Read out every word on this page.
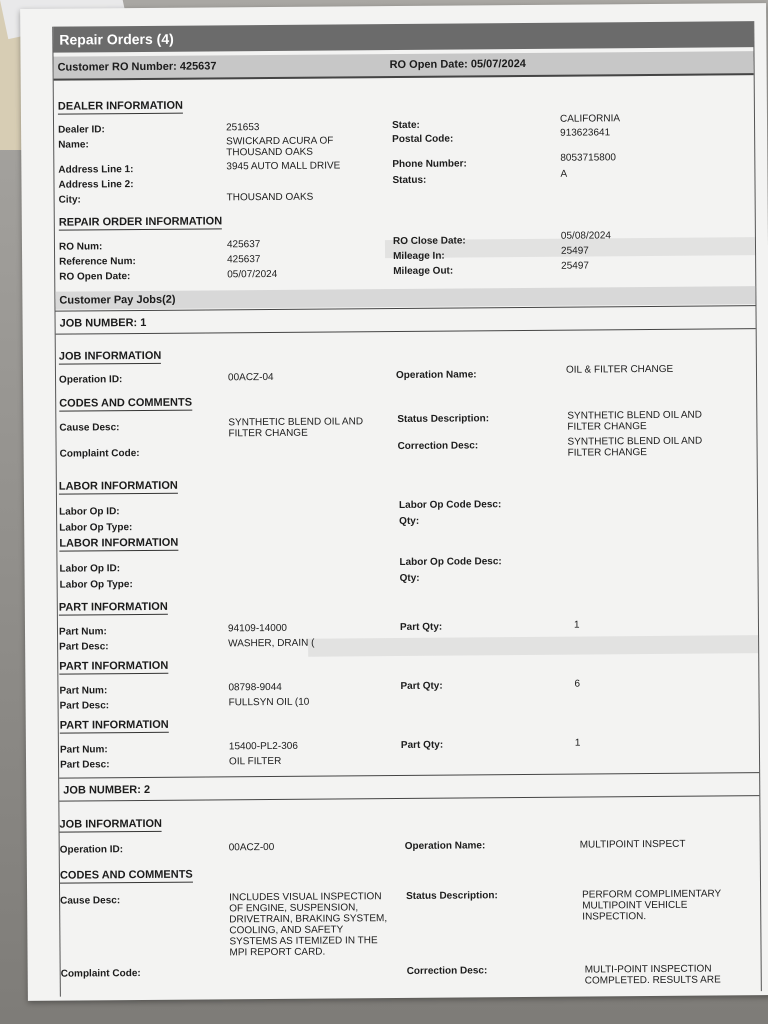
Repair Orders (4)
Customer RO Number: 425637	RO Open Date: 05/07/2024
DEALER INFORMATION
Dealer ID:	251653
Name:	SWICKARD ACURA OF
THOUSAND OAKS
Address Line 1:	3945 AUTO MALL DRIVE
Address Line 2:
City:	THOUSAND OAKS
State:
CALIFORNIA
Postal Code:
913623641
Phone Number:
8053715800
Status:
A
REPAIR ORDER INFORMATION
RO Num:	425637
Reference Num:	425637
RO Open Date:	05/07/2024
RO Close Date:	05/08/2024
Mileage In:	25497
Mileage Out:	25497
Customer Pay Jobs(2)
JOB NUMBER: 1
JOB INFORMATION
Operation ID:	00ACZ-04	Operation Name:	OIL & FILTER CHANGE
CODES AND COMMENTS
Cause Desc:	SYNTHETIC BLEND OIL AND
FILTER CHANGE
Complaint Code:
Status Description:	SYNTHETIC BLEND OIL AND
FILTER CHANGE
Correction Desc:	SYNTHETIC BLEND OIL AND
FILTER CHANGE
LABOR INFORMATION
Labor Op ID:
Labor Op Type:
Labor Op Code Desc:
Qty:
LABOR INFORMATION
Labor Op ID:
Labor Op Type:
Labor Op Code Desc:
Qty:
PART INFORMATION
Part Num:	94109-14000
Part Desc:	WASHER, DRAIN (
Part Qty:	1
PART INFORMATION
Part Num:	08798-9044
Part Desc:	FULLSYN OIL (10
Part Qty:	6
PART INFORMATION
Part Num:	15400-PL2-306
Part Desc:	OIL FILTER
Part Qty:	1
JOB NUMBER: 2
JOB INFORMATION
Operation ID:	00ACZ-00	Operation Name:	MULTIPOINT INSPECT
CODES AND COMMENTS
Cause Desc:	INCLUDES VISUAL INSPECTION
OF ENGINE, SUSPENSION,
DRIVETRAIN, BRAKING SYSTEM,
COOLING, AND SAFETY
SYSTEMS AS ITEMIZED IN THE
MPI REPORT CARD.
Complaint Code:
Status Description:	PERFORM COMPLIMENTARY
MULTIPOINT VEHICLE
INSPECTION.
Correction Desc:	MULTI-POINT INSPECTION
COMPLETED. RESULTS ARE
